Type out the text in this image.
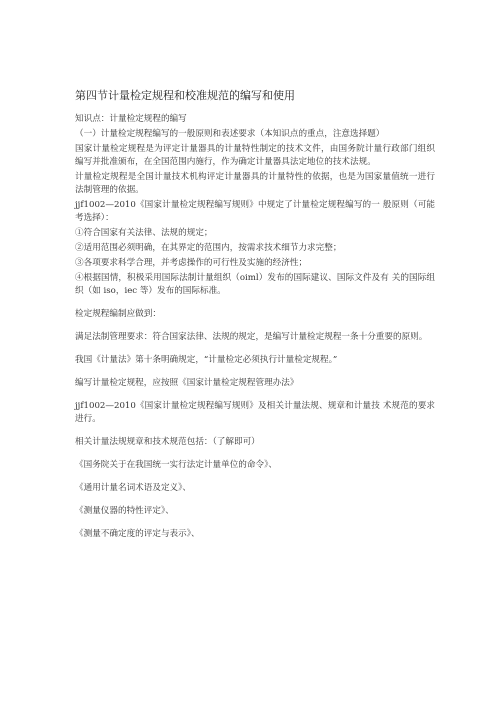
第四节计量检定规程和校准规范的编写和使用
知识点：计量检定规程的编写
（一）计量检定规程编写的一般原则和表述要求（本知识点的重点，注意选择题）
国家计量检定规程是为评定计量器具的计量特性制定的技术文件，由国务院计量行政部门组织编写并批准颁布，在全国范围内施行，作为确定计量器具法定地位的技术法规。
计量检定规程是全国计量技术机构评定计量器具的计量特性的依据，也是为国家量值统一进行法制管理的依据。
jjf1002—2010《国家计量检定规程编写规则》中规定了计量检定规程编写的一 般原则（可能考选择）：
①符合国家有关法律、法规的规定；
②适用范围必须明确，在其界定的范围内，按需求技术细节力求完整；
③各项要求科学合理，并考虑操作的可行性及实施的经济性；
④根据国情，积极采用国际法制计量组织（oiml）发布的国际建议、国际文件及有 关的国际组织（如 iso，iec 等）发布的国际标准。
检定规程编制应做到：
满足法制管理要求：符合国家法律、法规的规定，是编写计量检定规程一条十分重要的原则。
我国《计量法》第十条明确规定，“计量检定必须执行计量检定规程。”
编写计量检定规程，应按照《国家计量检定规程管理办法》
jjf1002—2010《国家计量检定规程编写规则》及相关计量法规、规章和计量技 术规范的要求进行。
相关计量法规规章和技术规范包括：（了解即可）
《国务院关于在我国统一实行法定计量单位的命令》、
《通用计量名词术语及定义》、
《测量仪器的特性评定》、
《测量不确定度的评定与表示》、
